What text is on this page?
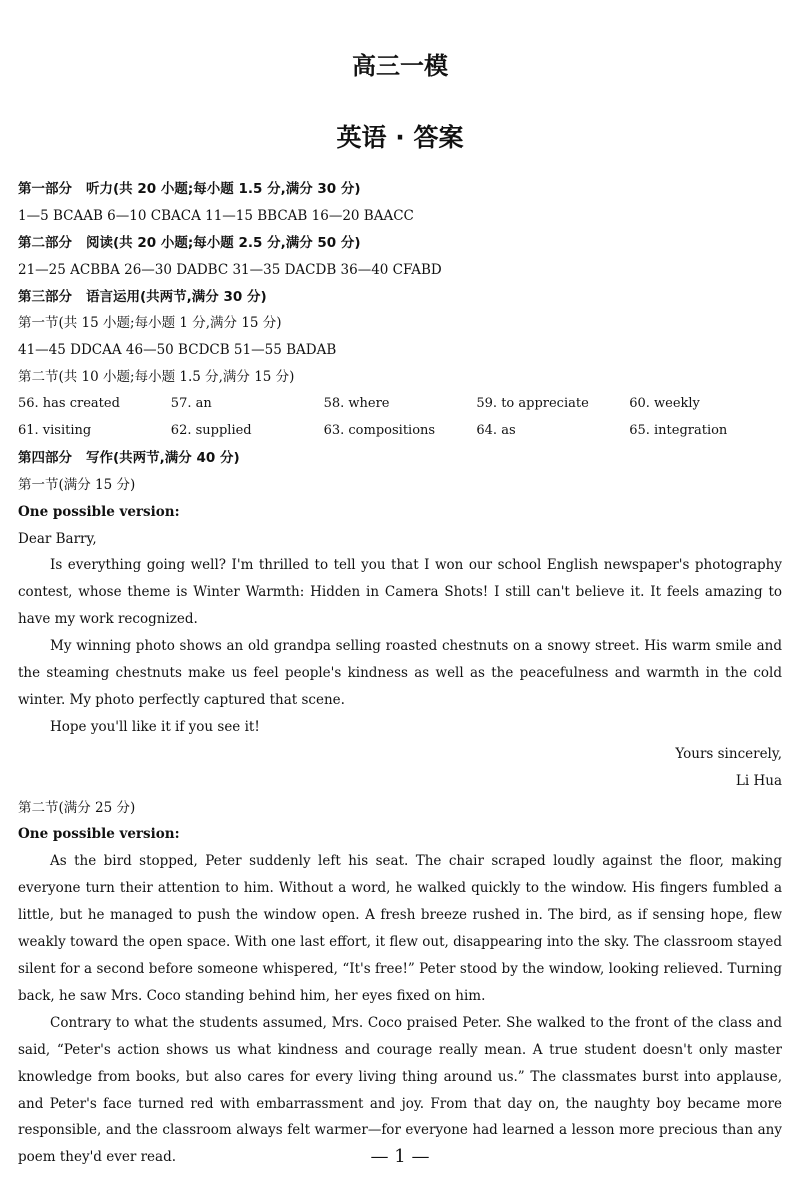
高三一模
英语 · 答案
第一部分 听力(共 20 小题;每小题 1.5 分,满分 30 分)
1—5 BCAAB 6—10 CBACA 11—15 BBCAB 16—20 BAACC
第二部分 阅读(共 20 小题;每小题 2.5 分,满分 50 分)
21—25 ACBBA 26—30 DADBC 31—35 DACDB 36—40 CFABD
第三部分 语言运用(共两节,满分 30 分)
第一节(共 15 小题;每小题 1 分,满分 15 分)
41—45 DDCAA 46—50 BCDCB 51—55 BADAB
第二节(共 10 小题;每小题 1.5 分,满分 15 分)
56. has created	57. an	58. where	59. to appreciate	60. weekly
61. visiting	62. supplied	63. compositions	64. as	65. integration
第四部分 写作(共两节,满分 40 分)
第一节(满分 15 分)
One possible version:
Dear Barry,

Is everything going well? I'm thrilled to tell you that I won our school English newspaper's photography contest, whose theme is Winter Warmth: Hidden in Camera Shots! I still can't believe it. It feels amazing to have my work recognized.

My winning photo shows an old grandpa selling roasted chestnuts on a snowy street. His warm smile and the steaming chestnuts make us feel people's kindness as well as the peacefulness and warmth in the cold winter. My photo perfectly captured that scene.

Hope you'll like it if you see it!

Yours sincerely,
Li Hua
第二节(满分 25 分)
One possible version:

As the bird stopped, Peter suddenly left his seat. The chair scraped loudly against the floor, making everyone turn their attention to him. Without a word, he walked quickly to the window. His fingers fumbled a little, but he managed to push the window open. A fresh breeze rushed in. The bird, as if sensing hope, flew weakly toward the open space. With one last effort, it flew out, disappearing into the sky. The classroom stayed silent for a second before someone whispered, “It's free!” Peter stood by the window, looking relieved. Turning back, he saw Mrs. Coco standing behind him, her eyes fixed on him.

Contrary to what the students assumed, Mrs. Coco praised Peter. She walked to the front of the class and said, “Peter's action shows us what kindness and courage really mean. A true student doesn't only master knowledge from books, but also cares for every living thing around us.” The classmates burst into applause, and Peter's face turned red with embarrassment and joy. From that day on, the naughty boy became more responsible, and the classroom always felt warmer—for everyone had learned a lesson more precious than any poem they'd ever read.	— 1 —
